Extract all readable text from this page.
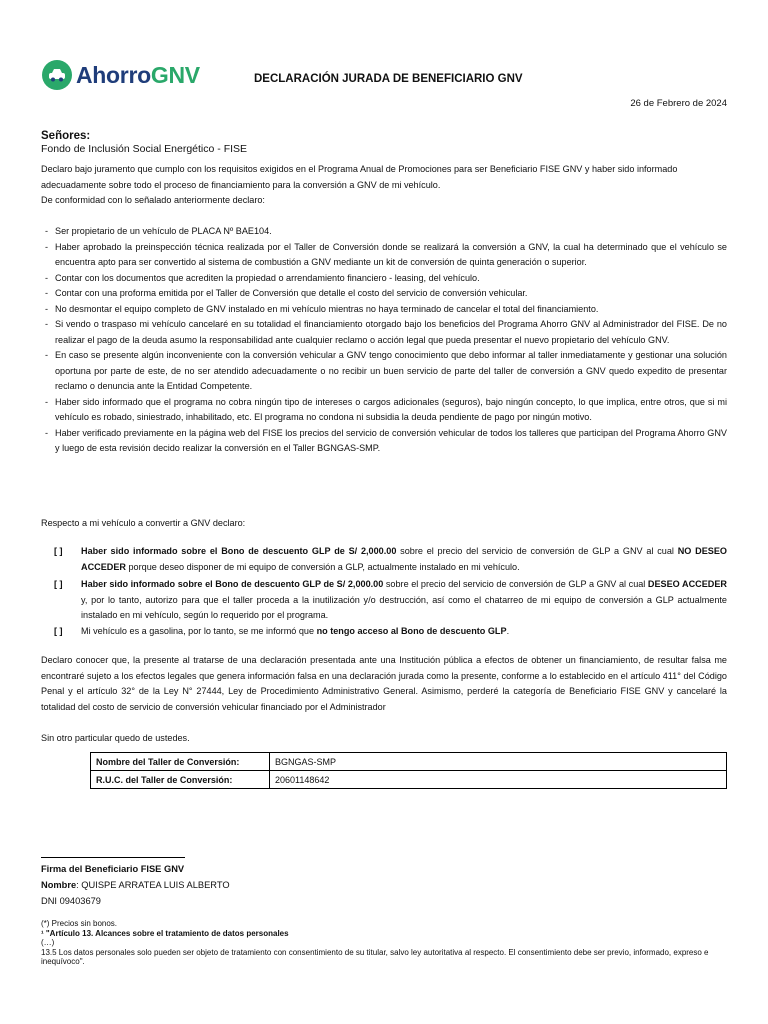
AhorroGNV	DECLARACIÓN JURADA DE BENEFICIARIO GNV
26 de Febrero de 2024
Señores:
Fondo de Inclusión Social Energético - FISE
Declaro bajo juramento que cumplo con los requisitos exigidos en el Programa Anual de Promociones para ser Beneficiario FISE GNV y haber sido informado adecuadamente sobre todo el proceso de financiamiento para la conversión a GNV de mi vehículo.
De conformidad con lo señalado anteriormente declaro:
- Ser propietario de un vehículo de PLACA Nº BAE104.
- Haber aprobado la preinspección técnica realizada por el Taller de Conversión donde se realizará la conversión a GNV, la cual ha determinado que el vehículo se encuentra apto para ser convertido al sistema de combustión a GNV mediante un kit de conversión de quinta generación o superior.
- Contar con los documentos que acrediten la propiedad o arrendamiento financiero - leasing, del vehículo.
- Contar con una proforma emitida por el Taller de Conversión que detalle el costo del servicio de conversión vehicular.
- No desmontar el equipo completo de GNV instalado en mi vehículo mientras no haya terminado de cancelar el total del financiamiento.
- Si vendo o traspaso mi vehículo cancelaré en su totalidad el financiamiento otorgado bajo los beneficios del Programa Ahorro GNV al Administrador del FISE. De no realizar el pago de la deuda asumo la responsabilidad ante cualquier reclamo o acción legal que pueda presentar el nuevo propietario del vehículo GNV.
- En caso se presente algún inconveniente con la conversión vehicular a GNV tengo conocimiento que debo informar al taller inmediatamente y gestionar una solución oportuna por parte de este, de no ser atendido adecuadamente o no recibir un buen servicio de parte del taller de conversión a GNV quedo expedito de presentar reclamo o denuncia ante la Entidad Competente.
- Haber sido informado que el programa no cobra ningún tipo de intereses o cargos adicionales (seguros), bajo ningún concepto, lo que implica, entre otros, que si mi vehículo es robado, siniestrado, inhabilitado, etc. El programa no condona ni subsidia la deuda pendiente de pago por ningún motivo.
- Haber verificado previamente en la página web del FISE los precios del servicio de conversión vehicular de todos los talleres que participan del Programa Ahorro GNV y luego de esta revisión decido realizar la conversión en el Taller BGNGAS-SMP.
Respecto a mi vehículo a convertir a GNV declaro:
[ ] Haber sido informado sobre el Bono de descuento GLP de S/ 2,000.00 sobre el precio del servicio de conversión de GLP a GNV al cual NO DESEO ACCEDER porque deseo disponer de mi equipo de conversión a GLP, actualmente instalado en mi vehículo.
[ ] Haber sido informado sobre el Bono de descuento GLP de S/ 2,000.00 sobre el precio del servicio de conversión de GLP a GNV al cual DESEO ACCEDER y, por lo tanto, autorizo para que el taller proceda a la inutilización y/o destrucción, así como el chatarreo de mi equipo de conversión a GLP actualmente instalado en mi vehículo, según lo requerido por el programa.
[ ] Mi vehículo es a gasolina, por lo tanto, se me informó que no tengo acceso al Bono de descuento GLP.
Declaro conocer que, la presente al tratarse de una declaración presentada ante una Institución pública a efectos de obtener un financiamiento, de resultar falsa me encontraré sujeto a los efectos legales que genera información falsa en una declaración jurada como la presente, conforme a lo establecido en el artículo 411° del Código Penal y el artículo 32° de la Ley N° 27444, Ley de Procedimiento Administrativo General. Asimismo, perderé la categoría de Beneficiario FISE GNV y cancelaré la totalidad del costo de servicio de conversión vehicular financiado por el Administrador
Sin otro particular quedo de ustedes.
Nombre del Taller de Conversión:	BGNGAS-SMP
R.U.C. del Taller de Conversión:	20601148642
Firma del Beneficiario FISE GNV
Nombre: QUISPE ARRATEA LUIS ALBERTO
DNI 09403679
(*) Precios sin bonos.
¹ "Artículo 13. Alcances sobre el tratamiento de datos personales
(…)
13.5 Los datos personales solo pueden ser objeto de tratamiento con consentimiento de su titular, salvo ley autoritativa al respecto. El consentimiento debe ser previo, informado, expreso e inequívoco".
